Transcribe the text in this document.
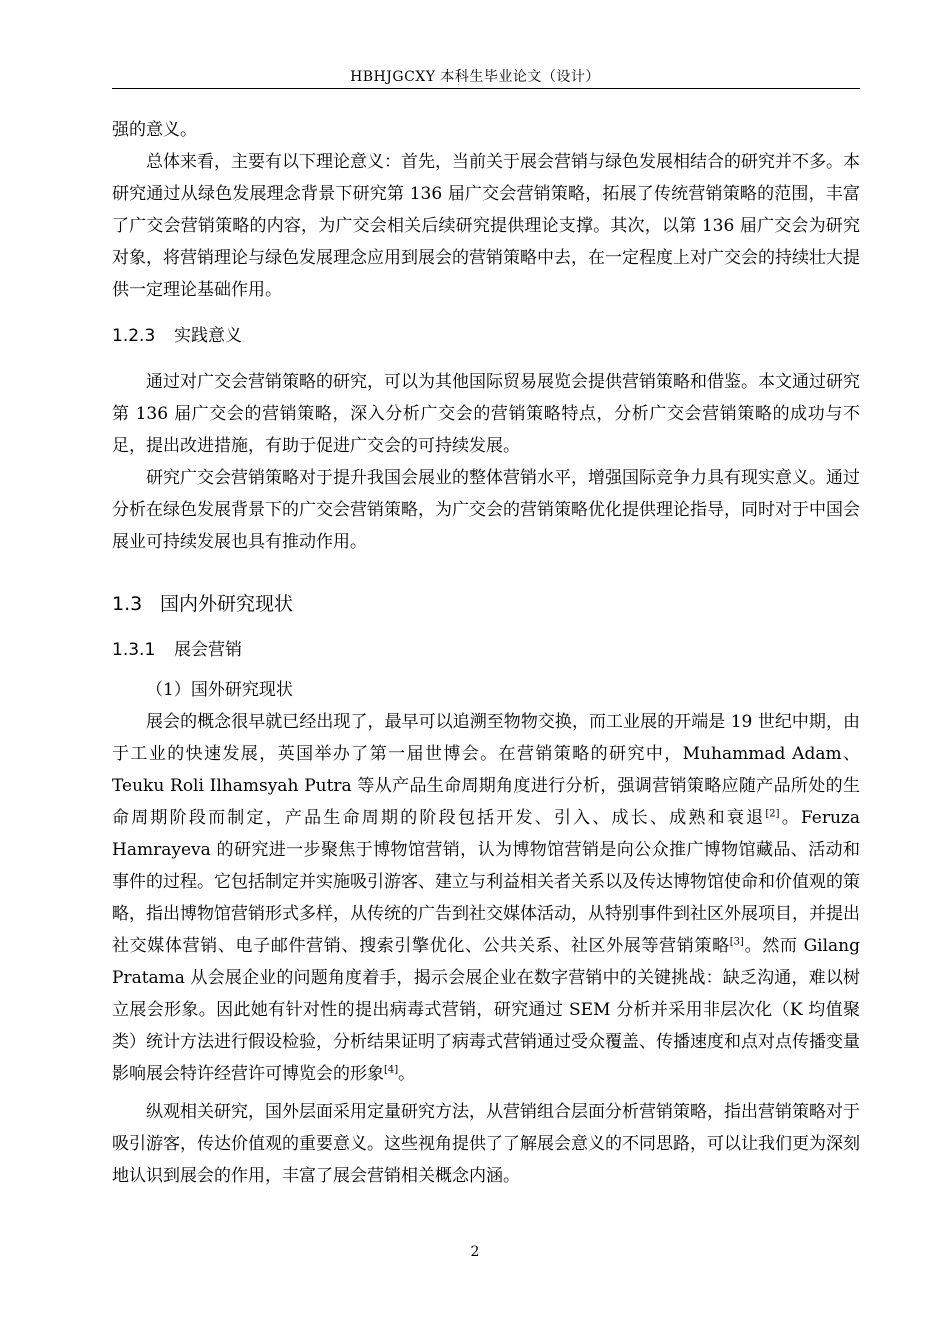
HBHJGCXY 本科生毕业论文（设计）

强的意义。

总体来看，主要有以下理论意义：首先，当前关于展会营销与绿色发展相结合的研究并不多。本研究通过从绿色发展理念背景下研究第 136 届广交会营销策略，拓展了传统营销策略的范围，丰富了广交会营销策略的内容，为广交会相关后续研究提供理论支撑。其次，以第 136 届广交会为研究对象，将营销理论与绿色发展理念应用到展会的营销策略中去，在一定程度上对广交会的持续壮大提供一定理论基础作用。

1.2.3 实践意义

通过对广交会营销策略的研究，可以为其他国际贸易展览会提供营销策略和借鉴。本文通过研究第 136 届广交会的营销策略，深入分析广交会的营销策略特点，分析广交会营销策略的成功与不足，提出改进措施，有助于促进广交会的可持续发展。

研究广交会营销策略对于提升我国会展业的整体营销水平，增强国际竞争力具有现实意义。通过分析在绿色发展背景下的广交会营销策略，为广交会的营销策略优化提供理论指导，同时对于中国会展业可持续发展也具有推动作用。

1.3 国内外研究现状
1.3.1 展会营销

（1）国外研究现状

展会的概念很早就已经出现了，最早可以追溯至物物交换，而工业展的开端是 19 世纪中期，由于工业的快速发展，英国举办了第一届世博会。在营销策略的研究中，Muhammad Adam、Teuku Roli Ilhamsyah Putra 等从产品生命周期角度进行分析，强调营销策略应随产品所处的生命周期阶段而制定，产品生命周期的阶段包括开发、引入、成长、成熟和衰退[2]。Feruza Hamrayeva 的研究进一步聚焦于博物馆营销，认为博物馆营销是向公众推广博物馆藏品、活动和事件的过程。它包括制定并实施吸引游客、建立与利益相关者关系以及传达博物馆使命和价值观的策略，指出博物馆营销形式多样，从传统的广告到社交媒体活动，从特别事件到社区外展项目，并提出社交媒体营销、电子邮件营销、搜索引擎优化、公共关系、社区外展等营销策略[3]。然而 Gilang Pratama 从会展企业的问题角度着手，揭示会展企业在数字营销中的关键挑战：缺乏沟通，难以树立展会形象。因此她有针对性的提出病毒式营销，研究通过 SEM 分析并采用非层次化（K 均值聚类）统计方法进行假设检验，分析结果证明了病毒式营销通过受众覆盖、传播速度和点对点传播变量影响展会特许经营许可博览会的形象[4]。

纵观相关研究，国外层面采用定量研究方法，从营销组合层面分析营销策略，指出营销策略对于吸引游客，传达价值观的重要意义。这些视角提供了了解展会意义的不同思路，可以让我们更为深刻地认识到展会的作用，丰富了展会营销相关概念内涵。

2
